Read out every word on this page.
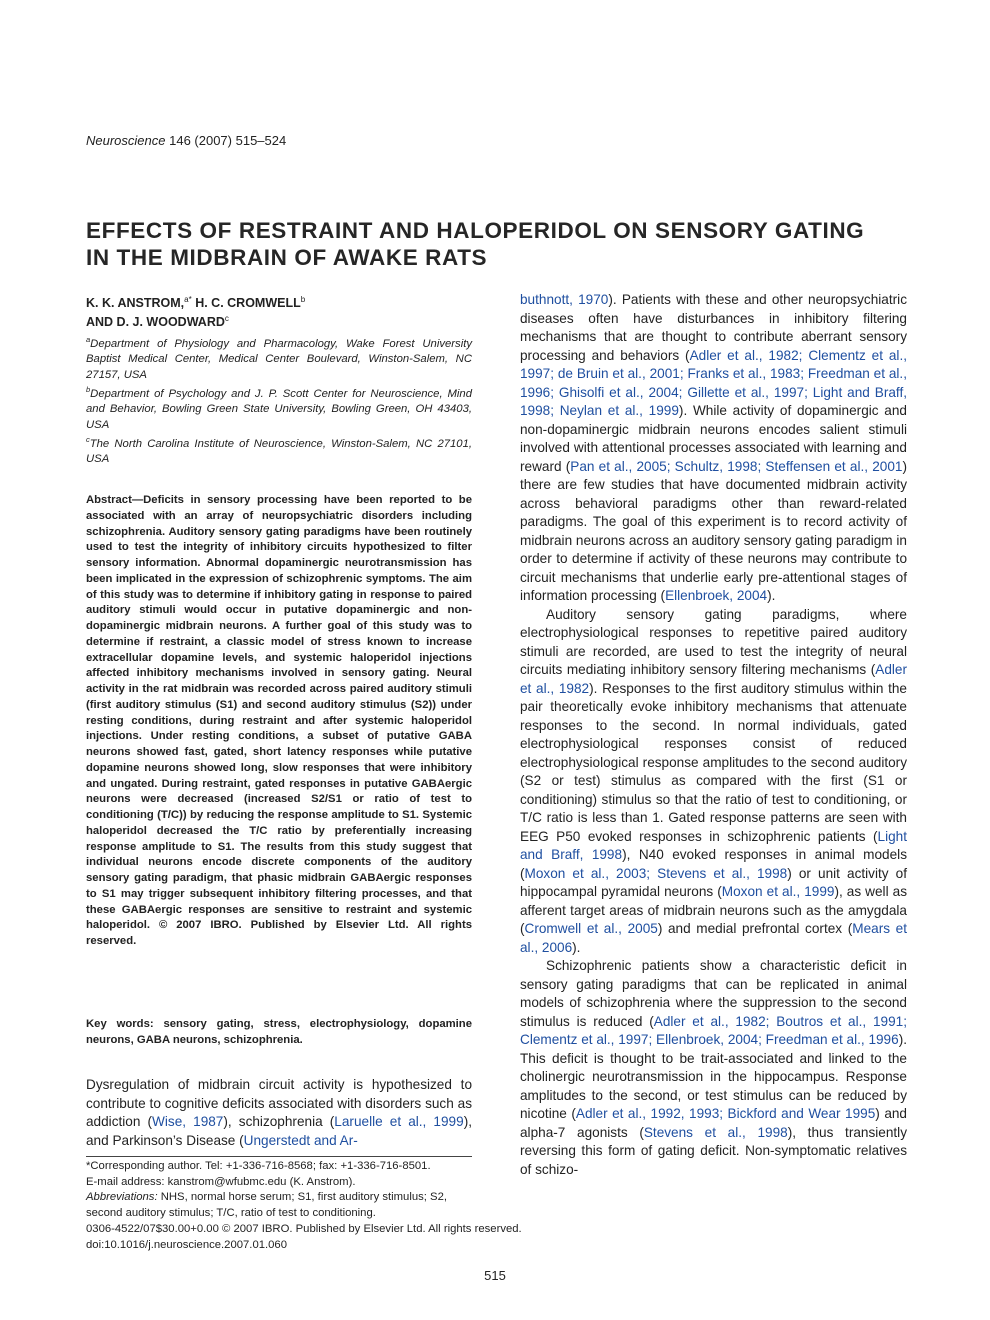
Neuroscience 146 (2007) 515–524
EFFECTS OF RESTRAINT AND HALOPERIDOL ON SENSORY GATING
IN THE MIDBRAIN OF AWAKE RATS
K. K. ANSTROM,$^{a*}$ H. C. CROMWELL$^b$
AND D. J. WOODWARD$^c$
$^a$Department of Physiology and Pharmacology, Wake Forest University Baptist Medical Center, Medical Center Boulevard, Winston-Salem, NC 27157, USA
$^b$Department of Psychology and J. P. Scott Center for Neuroscience, Mind and Behavior, Bowling Green State University, Bowling Green, OH 43403, USA
$^c$The North Carolina Institute of Neuroscience, Winston-Salem, NC 27101, USA
Abstract—Deficits in sensory processing have been reported to be associated with an array of neuropsychiatric disorders including schizophrenia. Auditory sensory gating paradigms have been routinely used to test the integrity of inhibitory circuits hypothesized to filter sensory information. Abnormal dopaminergic neurotransmission has been implicated in the expression of schizophrenic symptoms. The aim of this study was to determine if inhibitory gating in response to paired auditory stimuli would occur in putative dopaminergic and non-dopaminergic midbrain neurons. A further goal of this study was to determine if restraint, a classic model of stress known to increase extracellular dopamine levels, and systemic haloperidol injections affected inhibitory mechanisms involved in sensory gating. Neural activity in the rat midbrain was recorded across paired auditory stimuli (first auditory stimulus (S1) and second auditory stimulus (S2)) under resting conditions, during restraint and after systemic haloperidol injections. Under resting conditions, a subset of putative GABA neurons showed fast, gated, short latency responses while putative dopamine neurons showed long, slow responses that were inhibitory and ungated. During restraint, gated responses in putative GABAergic neurons were decreased (increased S2/S1 or ratio of test to conditioning (T/C)) by reducing the response amplitude to S1. Systemic haloperidol decreased the T/C ratio by preferentially increasing response amplitude to S1. The results from this study suggest that individual neurons encode discrete components of the auditory sensory gating paradigm, that phasic midbrain GABAergic responses to S1 may trigger subsequent inhibitory filtering processes, and that these GABAergic responses are sensitive to restraint and systemic haloperidol. © 2007 IBRO. Published by Elsevier Ltd. All rights reserved.
Key words: sensory gating, stress, electrophysiology, dopamine neurons, GABA neurons, schizophrenia.
Dysregulation of midbrain circuit activity is hypothesized to contribute to cognitive deficits associated with disorders such as addiction (Wise, 1987), schizophrenia (Laruelle et al., 1999), and Parkinson’s Disease (Ungerstedt and Ar-
*Corresponding author. Tel: +1-336-716-8568; fax: +1-336-716-8501.
E-mail address: kanstrom@wfubmc.edu (K. Anstrom).
Abbreviations: NHS, normal horse serum; S1, first auditory stimulus; S2, second auditory stimulus; T/C, ratio of test to conditioning.
0306-4522/07$30.00+0.00 © 2007 IBRO. Published by Elsevier Ltd. All rights reserved.
doi:10.1016/j.neuroscience.2007.01.060

buthnott, 1970). Patients with these and other neuropsychiatric diseases often have disturbances in inhibitory filtering mechanisms that are thought to contribute aberrant sensory processing and behaviors (Adler et al., 1982; Clementz et al., 1997; de Bruin et al., 2001; Franks et al., 1983; Freedman et al., 1996; Ghisolfi et al., 2004; Gillette et al., 1997; Light and Braff, 1998; Neylan et al., 1999). While activity of dopaminergic and non-dopaminergic midbrain neurons encodes salient stimuli involved with attentional processes associated with learning and reward (Pan et al., 2005; Schultz, 1998; Steffensen et al., 2001) there are few studies that have documented midbrain activity across behavioral paradigms other than reward-related paradigms. The goal of this experiment is to record activity of midbrain neurons across an auditory sensory gating paradigm in order to determine if activity of these neurons may contribute to circuit mechanisms that underlie early pre-attentional stages of information processing (Ellenbroek, 2004).

Auditory sensory gating paradigms, where electrophysiological responses to repetitive paired auditory stimuli are recorded, are used to test the integrity of neural circuits mediating inhibitory sensory filtering mechanisms (Adler et al., 1982). Responses to the first auditory stimulus within the pair theoretically evoke inhibitory mechanisms that attenuate responses to the second. In normal individuals, gated electrophysiological responses consist of reduced electrophysiological response amplitudes to the second auditory (S2 or test) stimulus as compared with the first (S1 or conditioning) stimulus so that the ratio of test to conditioning, or T/C ratio is less than 1. Gated response patterns are seen with EEG P50 evoked responses in schizophrenic patients (Light and Braff, 1998), N40 evoked responses in animal models (Moxon et al., 2003; Stevens et al., 1998) or unit activity of hippocampal pyramidal neurons (Moxon et al., 1999), as well as afferent target areas of midbrain neurons such as the amygdala (Cromwell et al., 2005) and medial prefrontal cortex (Mears et al., 2006).

Schizophrenic patients show a characteristic deficit in sensory gating paradigms that can be replicated in animal models of schizophrenia where the suppression to the second stimulus is reduced (Adler et al., 1982; Boutros et al., 1991; Clementz et al., 1997; Ellenbroek, 2004; Freedman et al., 1996). This deficit is thought to be trait-associated and linked to the cholinergic neurotransmission in the hippocampus. Response amplitudes to the second, or test stimulus can be reduced by nicotine (Adler et al., 1992, 1993; Bickford and Wear 1995) and alpha-7 agonists (Stevens et al., 1998), thus transiently reversing this form of gating deficit. Non-symptomatic relatives of schizo-

515
